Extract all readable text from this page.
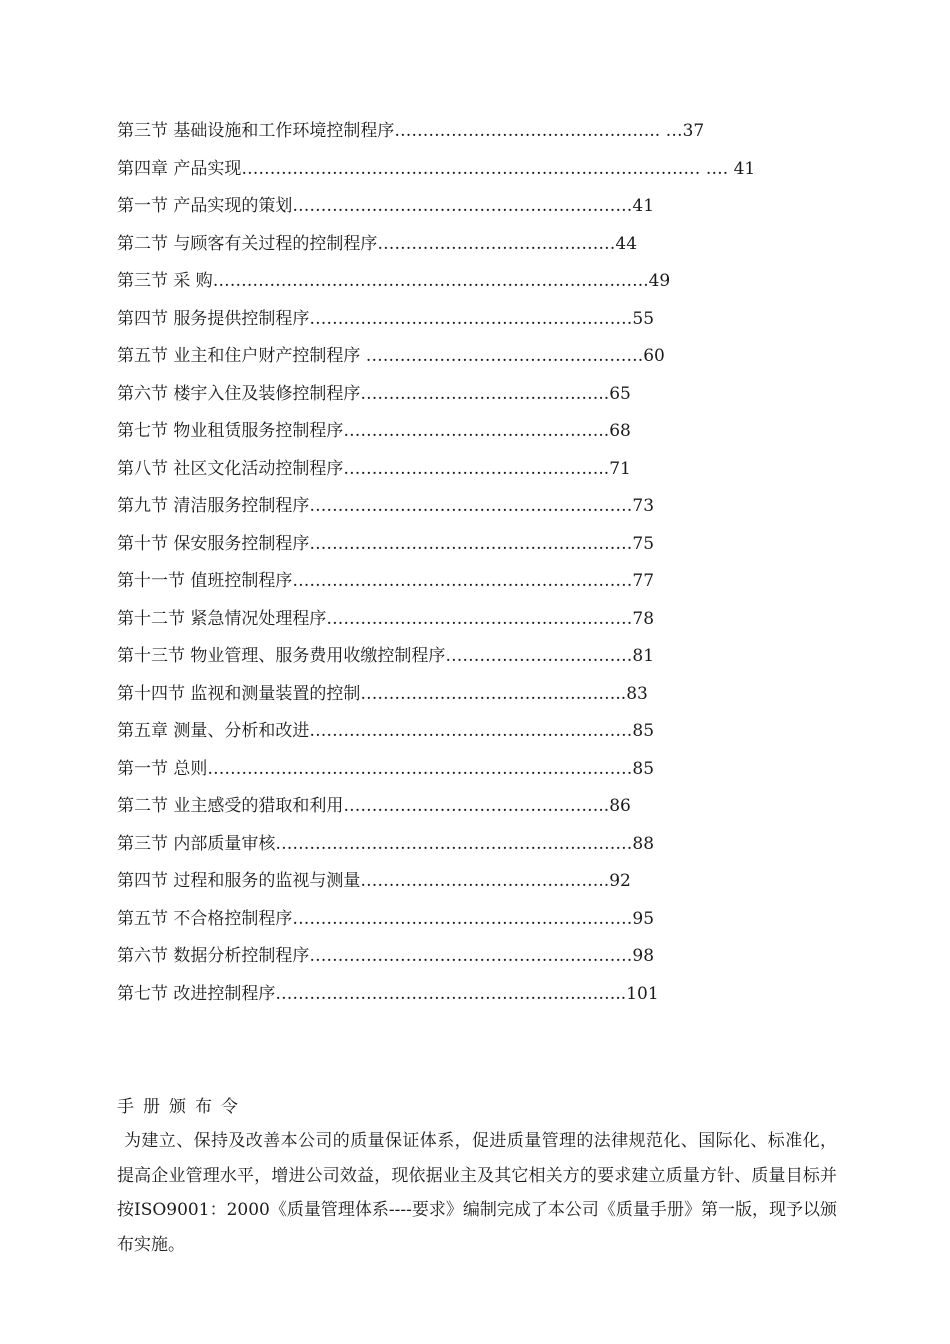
第三节 基础设施和工作环境控制程序……………………………………….. …37
第四章 产品实现……………………………………………………………………… …. 41
第一节 产品实现的策划……………………………………………………41
第二节 与顾客有关过程的控制程序……………………………………44
第三节 采 购…………………………………………………………………..49
第四节 服务提供控制程序…………………………………………………55
第五节 业主和住户财产控制程序 ………………………………………….60
第六节 楼宇入住及装修控制程序……………………………………..65
第七节 物业租赁服务控制程序………………………………………..68
第八节 社区文化活动控制程序………………………………………..71
第九节 清洁服务控制程序…………………………………………………73
第十节 保安服务控制程序…………………………………………………75
第十一节 值班控制程序……………………………………………………77
第十二节 紧急情况处理程序………………………………………………78
第十三节 物业管理、服务费用收缴控制程序……………………………81
第十四节 监视和测量装置的控制………………………………………..83
第五章 测量、分析和改进…………………………………………………85
第一节 总则…………………………………………………………………85
第二节 业主感受的猎取和利用………………………………………..86
第三节 内部质量审核………………………………………………………88
第四节 过程和服务的监视与测量……………………………………..92
第五节 不合格控制程序……………………………………………………95
第六节 数据分析控制程序…………………………………………………98
第七节 改进控制程序……………………………………………………..101
手册颁布令
为建立、保持及改善本公司的质量保证体系，促进质量管理的法律规范化、国际化、标准化，提高企业管理水平，增进公司效益，现依据业主及其它相关方的要求建立质量方针、质量目标并按ISO9001：2000《质量管理体系----要求》编制完成了本公司《质量手册》第一版，现予以颁布实施。
